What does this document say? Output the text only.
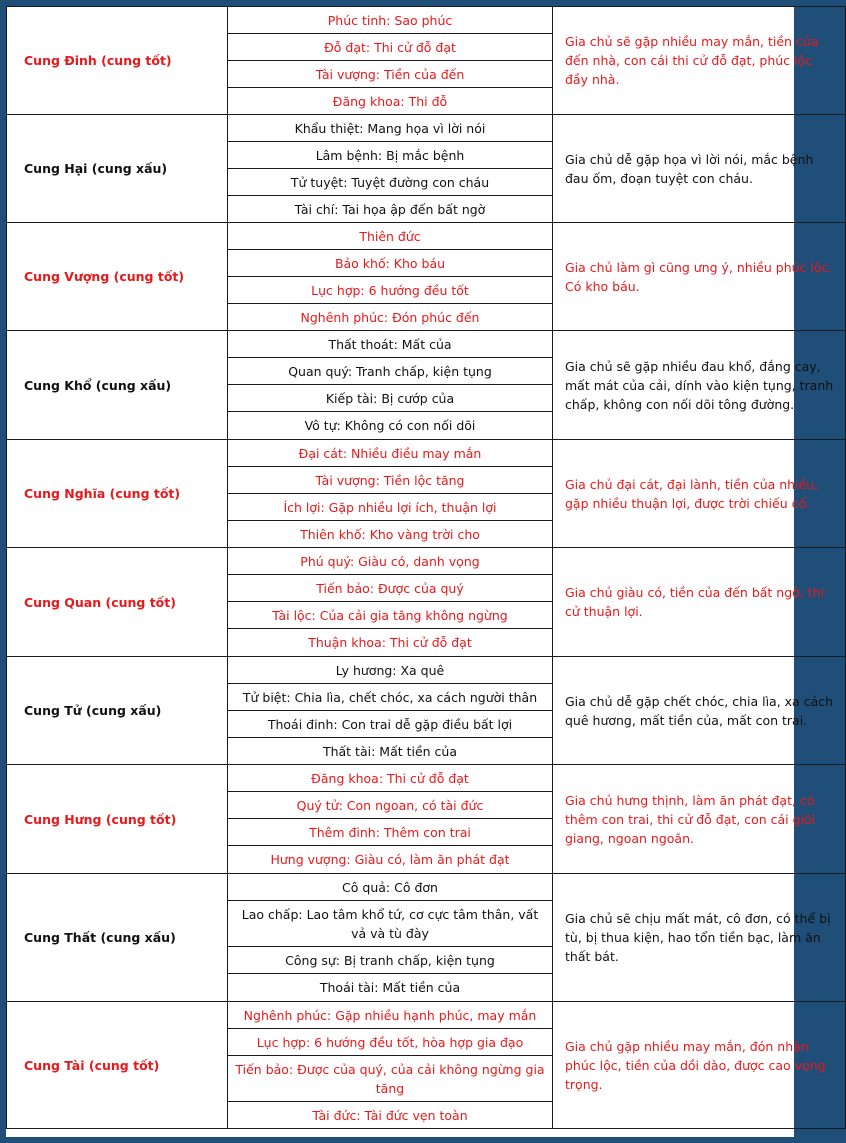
Cung Đinh (cung tốt)	Phúc tinh: Sao phúc	Gia chủ sẽ gặp nhiều may mắn, tiền của đến nhà, con cái thi cử đỗ đạt, phúc lộc đầy nhà.
	Đỗ đạt: Thi cử đỗ đạt	
	Tài vượng: Tiền của đến	
	Đăng khoa: Thi đỗ	
Cung Hại (cung xấu)	Khẩu thiệt: Mang họa vì lời nói	Gia chủ dễ gặp họa vì lời nói, mắc bệnh đau ốm, đoạn tuyệt con cháu.
	Lâm bệnh: Bị mắc bệnh	
	Tử tuyệt: Tuyệt đường con cháu	
	Tài chí: Tai họa ập đến bất ngờ	
Cung Vượng (cung tốt)	Thiên đức	Gia chủ làm gì cũng ưng ý, nhiều phúc lộc. Có kho báu.
	Bảo khố: Kho báu	
	Lục hợp: 6 hướng đều tốt	
	Nghênh phúc: Đón phúc đến	
Cung Khổ (cung xấu)	Thất thoát: Mất của	Gia chủ sẽ gặp nhiều đau khổ, đắng cay, mất mát của cải, dính vào kiện tụng, tranh chấp, không con nối dõi tông đường.
	Quan quý: Tranh chấp, kiện tụng	
	Kiếp tài: Bị cướp của	
	Vô tự: Không có con nối dõi	
Cung Nghĩa (cung tốt)	Đại cát: Nhiều điều may mắn	Gia chủ đại cát, đại lành, tiền của nhiều, gặp nhiều thuận lợi, được trời chiếu cố.
	Tài vượng: Tiền lộc tăng	
	Ích lợi: Gặp nhiều lợi ích, thuận lợi	
	Thiên khố: Kho vàng trời cho	
Cung Quan (cung tốt)	Phú quý: Giàu có, danh vọng	Gia chủ giàu có, tiền của đến bất ngờ, thi cử thuận lợi.
	Tiến bảo: Được của quý	
	Tài lộc: Của cải gia tăng không ngừng	
	Thuận khoa: Thi cử đỗ đạt	
Cung Tử (cung xấu)	Ly hương: Xa quê	Gia chủ dễ gặp chết chóc, chia lìa, xa cách quê hương, mất tiền của, mất con trai.
	Tử biệt: Chia lìa, chết chóc, xa cách người thân	
	Thoái đinh: Con trai dễ gặp điều bất lợi	
	Thất tài: Mất tiền của	
Cung Hưng (cung tốt)	Đăng khoa: Thi cử đỗ đạt	Gia chủ hưng thịnh, làm ăn phát đạt, có thêm con trai, thi cử đỗ đạt, con cái giỏi giang, ngoan ngoãn.
	Quý tử: Con ngoan, có tài đức	
	Thêm đinh: Thêm con trai	
	Hưng vượng: Giàu có, làm ăn phát đạt	
Cung Thất (cung xấu)	Cô quả: Cô đơn	Gia chủ sẽ chịu mất mát, cô đơn, có thể bị tù, bị thua kiện, hao tổn tiền bạc, làm ăn thất bát.
	Lao chấp: Lao tâm khổ tứ, cơ cực tâm thân, vất vả và tù đày	
	Công sự: Bị tranh chấp, kiện tụng	
	Thoái tài: Mất tiền của	
Cung Tài (cung tốt)	Nghênh phúc: Gặp nhiều hạnh phúc, may mắn	Gia chủ gặp nhiều may mắn, đón nhận phúc lộc, tiền của dồi dào, được cao vọng trọng.
	Lục hợp: 6 hướng đều tốt, hòa hợp gia đạo	
	Tiến bảo: Được của quý, của cải không ngừng gia tăng	
	Tài đức: Tài đức vẹn toàn	
